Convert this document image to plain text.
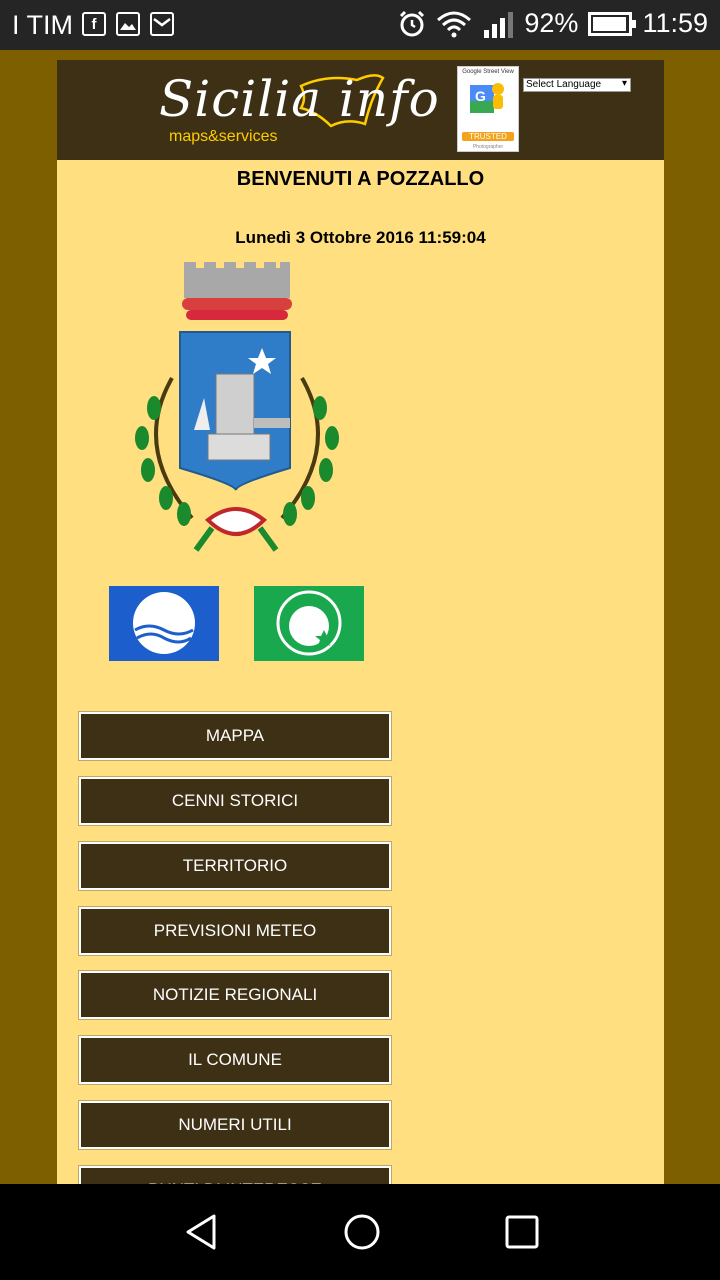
I TIM	f	92% 11:59
Sicilia info
maps&services
Google Street View
G
TRUSTED
Photographer
Select Language ▾
BENVENUTI A POZZALLO
Lunedì 3 Ottobre 2016 11:59:04
MAPPA
CENNI STORICI
TERRITORIO
PREVISIONI METEO
NOTIZIE REGIONALI
IL COMUNE
NUMERI UTILI
